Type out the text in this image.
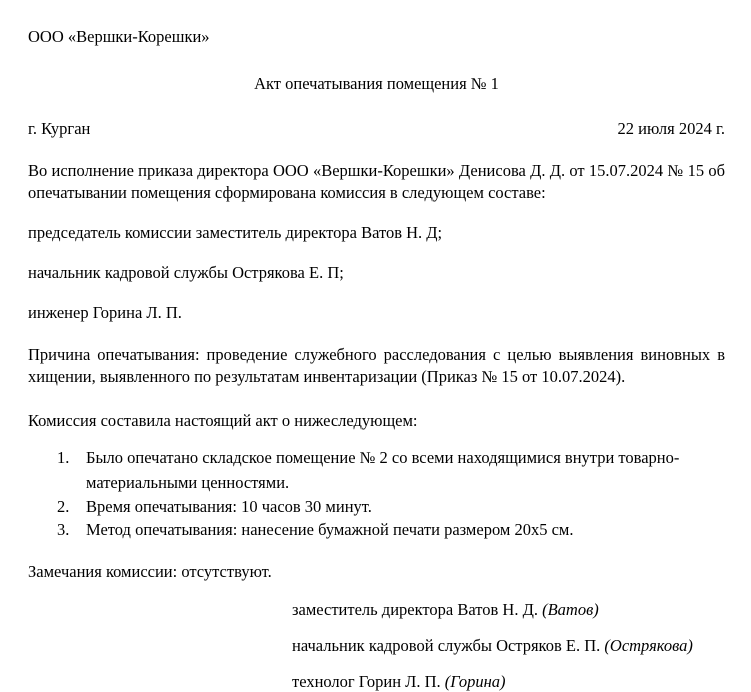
ООО «Вершки-Корешки»
Акт опечатывания помещения № 1
г. Курган	22 июля 2024 г.

Во исполнение приказа директора ООО «Вершки-Корешки» Денисова Д. Д. от 15.07.2024 № 15 об опечатывании помещения сформирована комиссия в следующем составе:

председатель комиссии заместитель директора Ватов Н. Д;

начальник кадровой службы Острякова Е. П;

инженер Горина Л. П.

Причина опечатывания: проведение служебного расследования с целью выявления виновных в хищении, выявленного по результатам инвентаризации (Приказ № 15 от 10.07.2024).

Комиссия составила настоящий акт о нижеследующем:

1.	Было опечатано складское помещение № 2 со всеми находящимися внутри товарно-материальными ценностями.
2.	Время опечатывания: 10 часов 30 минут.
3.	Метод опечатывания: нанесение бумажной печати размером 20x5 см.

Замечания комиссии: отсутствуют.

заместитель директора Ватов Н. Д. (Ватов)
начальник кадровой службы Остряков Е. П. (Острякова)
технолог Горин Л. П. (Горина)
